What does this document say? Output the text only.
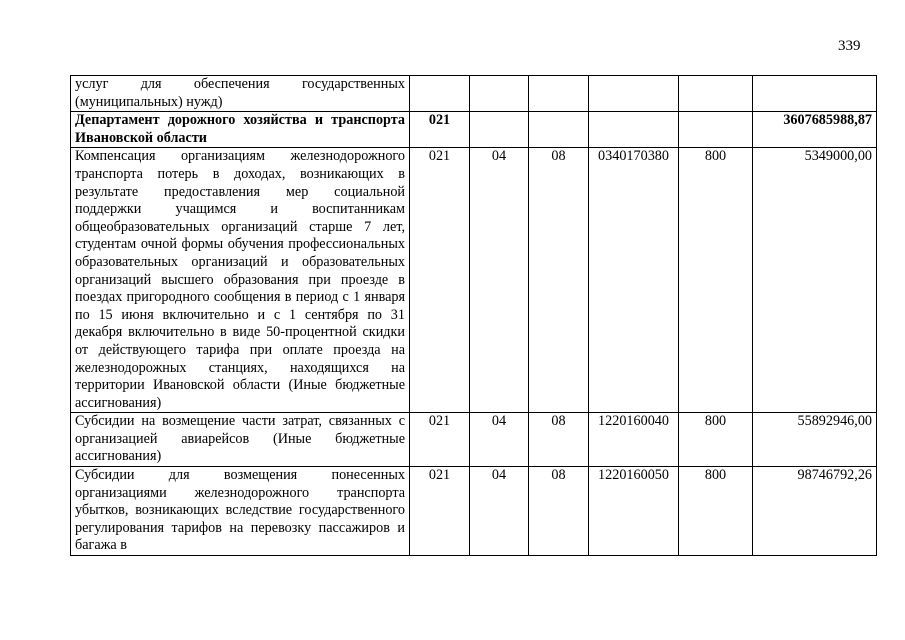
339
услуг для обеспечения государственных (муниципальных) нужд)						
Департамент дорожного хозяйства и транспорта Ивановской области	021					3607685988,87
Компенсация организациям железнодорожного транспорта потерь в доходах, возникающих в результате предоставления мер социальной поддержки учащимся и воспитанникам общеобразовательных организаций старше 7 лет, студентам очной формы обучения профессиональных образовательных организаций и образовательных организаций высшего образования при проезде в поездах пригородного сообщения в период с 1 января по 15 июня включительно и с 1 сентября по 31 декабря включительно в виде 50-процентной скидки от действующего тарифа при оплате проезда на железнодорожных станциях, находящихся на территории Ивановской области (Иные бюджетные ассигнования)	021	04	08	0340170380	800	5349000,00
Субсидии на возмещение части затрат, связанных с организацией авиарейсов (Иные бюджетные ассигнования)	021	04	08	1220160040	800	55892946,00
Субсидии для возмещения понесенных организациями железнодорожного транспорта убытков, возникающих вследствие государственного регулирования тарифов на перевозку пассажиров и багажа в	021	04	08	1220160050	800	98746792,26
